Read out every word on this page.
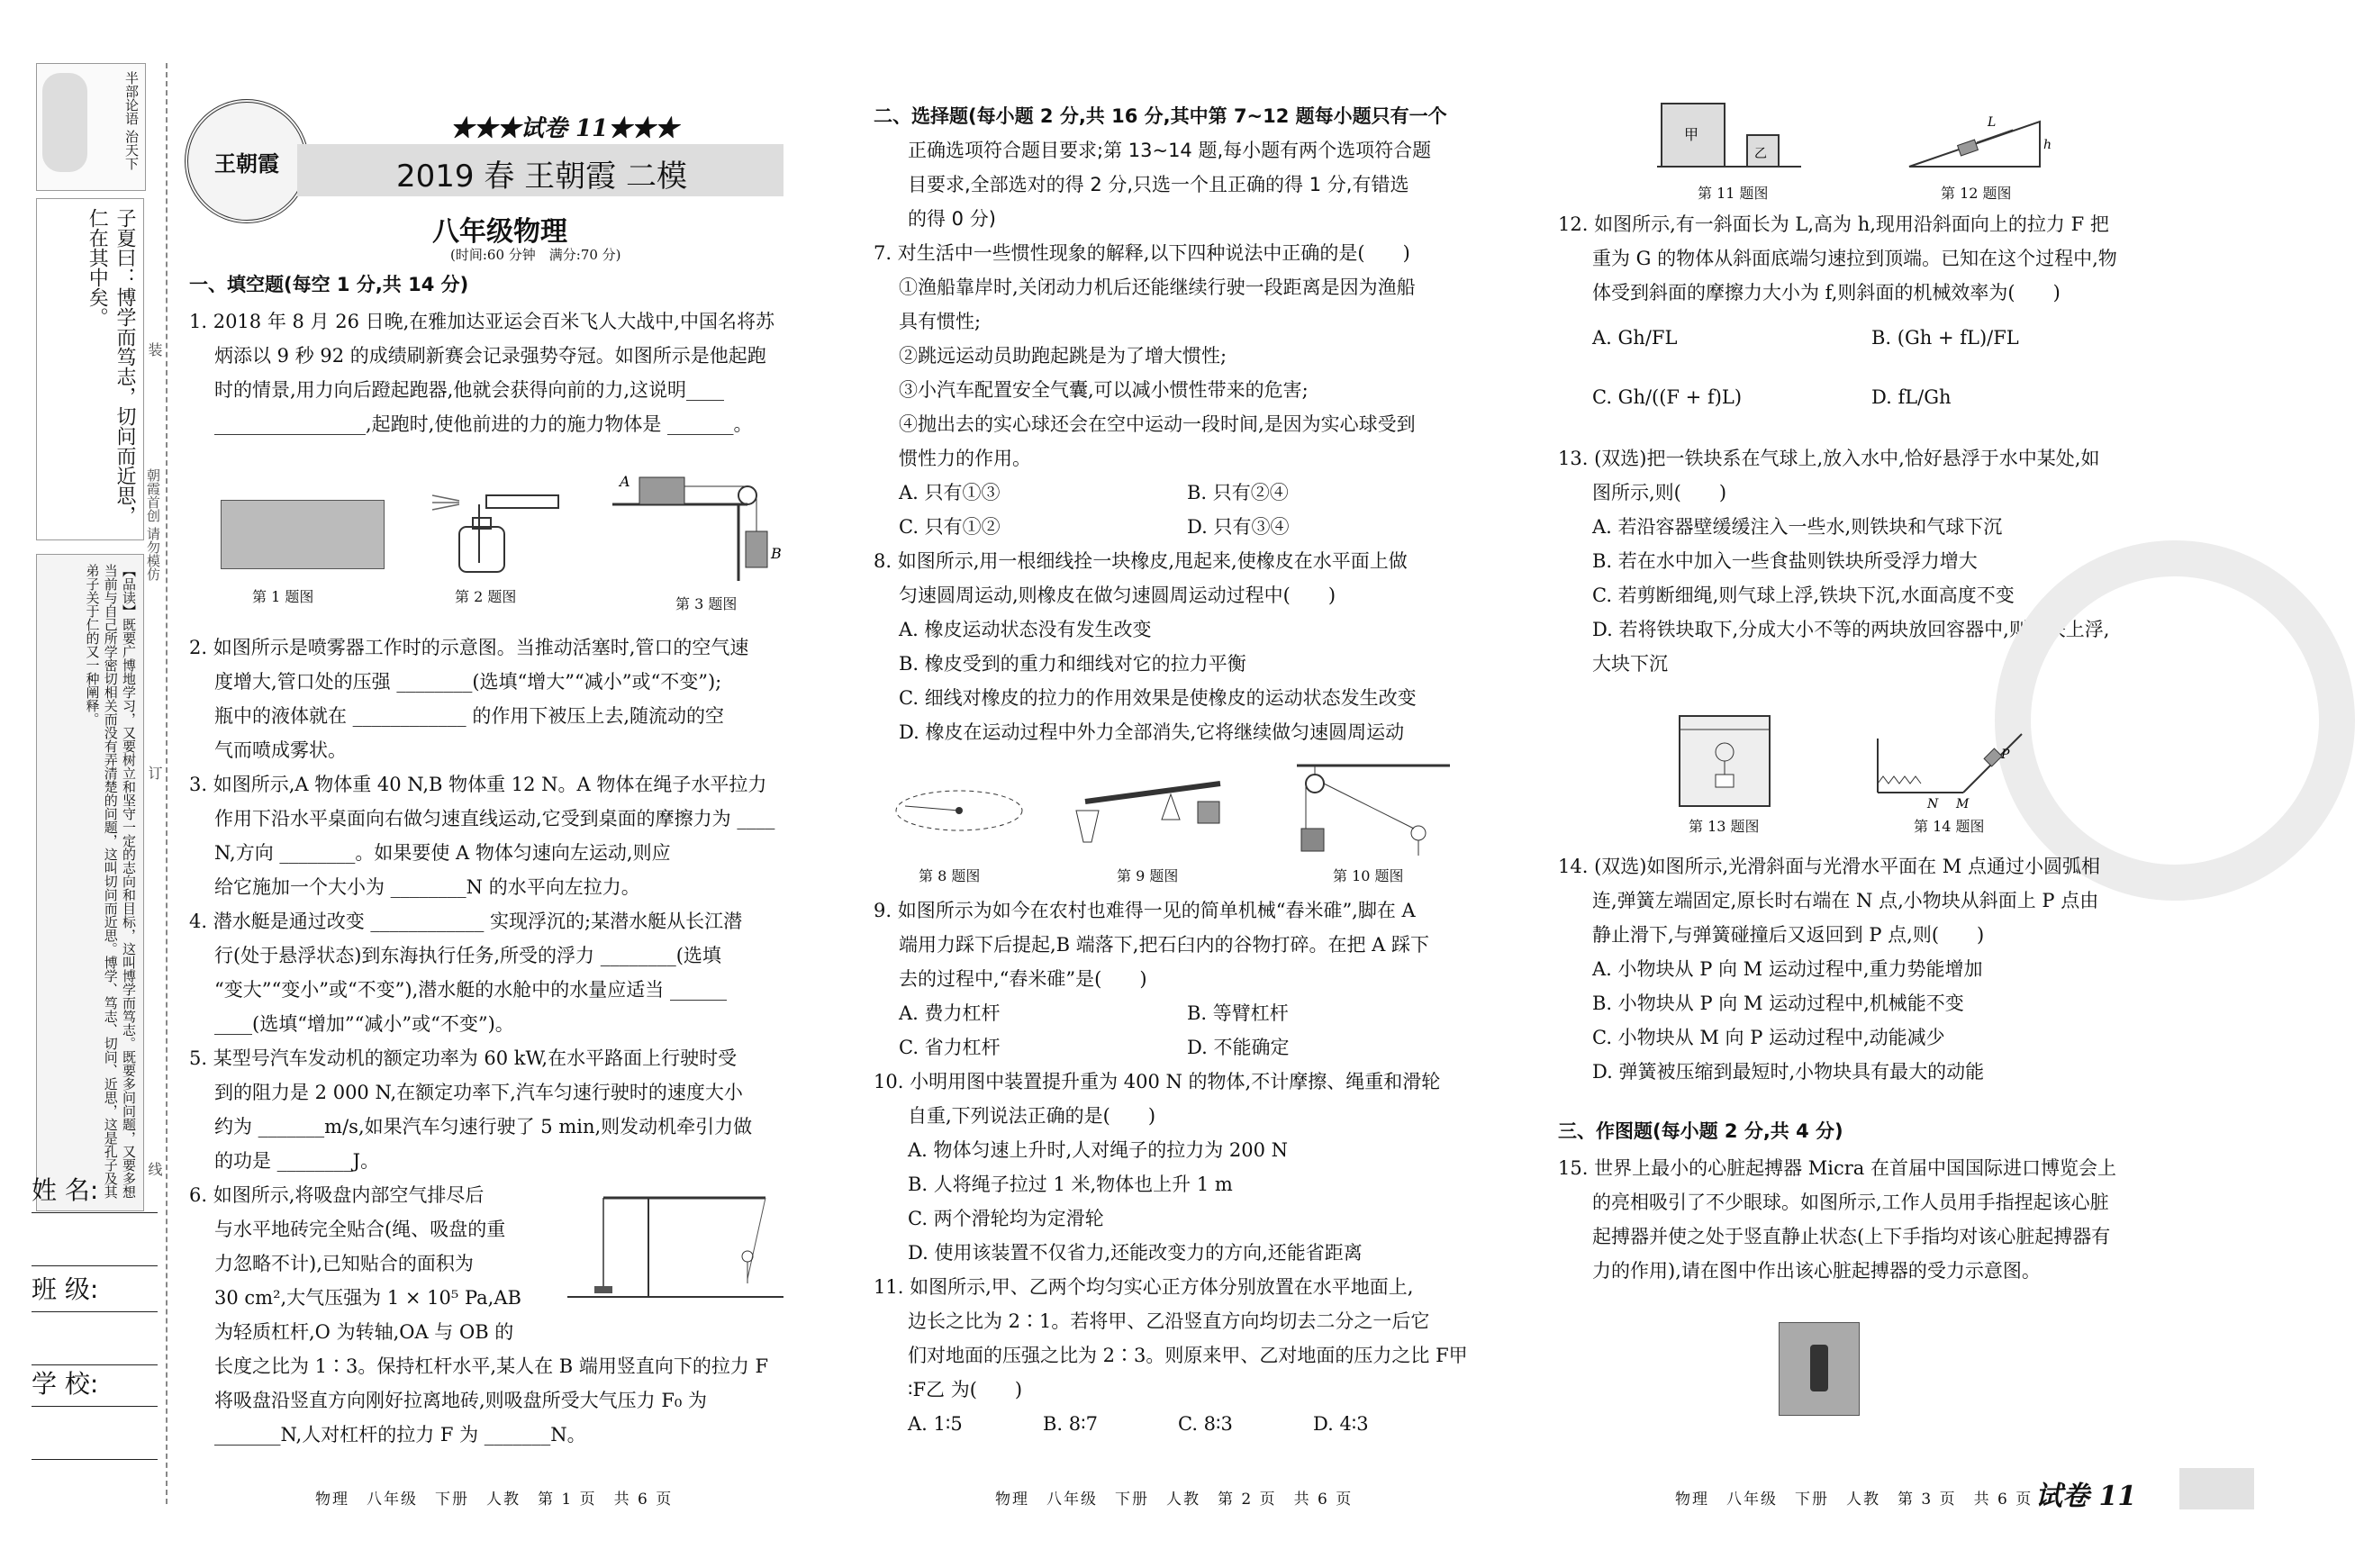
半部论语 治天下
子夏曰：博学而笃志，切问而近思，仁在其中矣。
【品读】既要广博地学习，又要树立和坚守一定的志向和目标，这叫博学而笃志。既要多问问题，又要多想当前与自己所学密切相关而没有弄清楚的问题，这叫切问而近思。博学、笃志、切问、近思，这是孔子及其弟子关于仁的又一种阐释。
装
订
线
朝霞首创 请勿模仿
姓 名:
班 级:
学 校:
王朝霞
★★★试卷 11★★★
2019 春 王朝霞 二模
八年级物理
(时间:60 分钟　满分:70 分)
一、填空题(每空 1 分,共 14 分)
1. 2018 年 8 月 26 日晚,在雅加达亚运会百米飞人大战中,中国名将苏
炳添以 9 秒 92 的成绩刷新赛会记录强势夺冠。如图所示是他起跑
时的情景,用力向后蹬起跑器,他就会获得向前的力,这说明____
________________,起跑时,使他前进的力的施力物体是 _______。
第 1 题图	第 2 题图
A
B
第 3 题图
2. 如图所示是喷雾器工作时的示意图。当推动活塞时,管口的空气速
度增大,管口处的压强 ________(选填“增大”“减小”或“不变”);
瓶中的液体就在 ____________ 的作用下被压上去,随流动的空
气而喷成雾状。
3. 如图所示,A 物体重 40 N,B 物体重 12 N。A 物体在绳子水平拉力
作用下沿水平桌面向右做匀速直线运动,它受到桌面的摩擦力为 ____
N,方向 ________。如果要使 A 物体匀速向左运动,则应
给它施加一个大小为 ________N 的水平向左拉力。
4. 潜水艇是通过改变 ____________ 实现浮沉的;某潜水艇从长江潜
行(处于悬浮状态)到东海执行任务,所受的浮力 ________(选填
“变大”“变小”或“不变”),潜水艇的水舱中的水量应适当 ______
____(选填“增加”“减小”或“不变”)。
5. 某型号汽车发动机的额定功率为 60 kW,在水平路面上行驶时受
到的阻力是 2 000 N,在额定功率下,汽车匀速行驶时的速度大小
约为 _______m/s,如果汽车匀速行驶了 5 min,则发动机牵引力做
的功是 ________J。
6. 如图所示,将吸盘内部空气排尽后
与水平地砖完全贴合(绳、吸盘的重
力忽略不计),已知贴合的面积为
30 cm²,大气压强为 1 × 10⁵ Pa,AB
为轻质杠杆,O 为转轴,OA 与 OB 的
长度之比为 1∶3。保持杠杆水平,某人在 B 端用竖直向下的拉力 F
将吸盘沿竖直方向刚好拉离地砖,则吸盘所受大气压力 F₀ 为
_______N,人对杠杆的拉力 F 为 _______N。
物理　八年级　下册　人教　第 1 页　共 6 页
二、选择题(每小题 2 分,共 16 分,其中第 7~12 题每小题只有一个
正确选项符合题目要求;第 13~14 题,每小题有两个选项符合题
目要求,全部选对的得 2 分,只选一个且正确的得 1 分,有错选
的得 0 分)
7. 对生活中一些惯性现象的解释,以下四种说法中正确的是(　　)
①渔船靠岸时,关闭动力机后还能继续行驶一段距离是因为渔船
具有惯性;
②跳远运动员助跑起跳是为了增大惯性;
③小汽车配置安全气囊,可以减小惯性带来的危害;
④抛出去的实心球还会在空中运动一段时间,是因为实心球受到
惯性力的作用。
A. 只有①③	B. 只有②④
C. 只有①②	D. 只有③④
8. 如图所示,用一根细线拴一块橡皮,甩起来,使橡皮在水平面上做
匀速圆周运动,则橡皮在做匀速圆周运动过程中(　　)
A. 橡皮运动状态没有发生改变
B. 橡皮受到的重力和细线对它的拉力平衡
C. 细线对橡皮的拉力的作用效果是使橡皮的运动状态发生改变
D. 橡皮在运动过程中外力全部消失,它将继续做匀速圆周运动
第 8 题图	第 9 题图	第 10 题图
9. 如图所示为如今在农村也难得一见的简单机械“舂米碓”,脚在 A
端用力踩下后提起,B 端落下,把石臼内的谷物打碎。在把 A 踩下
去的过程中,“舂米碓”是(　　)
A. 费力杠杆	B. 等臂杠杆
C. 省力杠杆	D. 不能确定
10. 小明用图中装置提升重为 400 N 的物体,不计摩擦、绳重和滑轮
自重,下列说法正确的是(　　)
A. 物体匀速上升时,人对绳子的拉力为 200 N
B. 人将绳子拉过 1 米,物体也上升 1 m
C. 两个滑轮均为定滑轮
D. 使用该装置不仅省力,还能改变力的方向,还能省距离
11. 如图所示,甲、乙两个均匀实心正方体分别放置在水平地面上,
边长之比为 2∶1。若将甲、乙沿竖直方向均切去二分之一后它
们对地面的压强之比为 2∶3。则原来甲、乙对地面的压力之比 F甲
∶F乙 为(　　)
A. 1∶5	B. 8∶7	C. 8∶3	D. 4∶3
物理　八年级　下册　人教　第 2 页　共 6 页
甲
乙
第 11 题图
L
h
第 12 题图
12. 如图所示,有一斜面长为 L,高为 h,现用沿斜面向上的拉力 F 把
重为 G 的物体从斜面底端匀速拉到顶端。已知在这个过程中,物
体受到斜面的摩擦力大小为 f,则斜面的机械效率为(　　)
A. Gh/FL	B. (Gh + fL)/FL
C. Gh/((F + f)L)	D. fL/Gh
13. (双选)把一铁块系在气球上,放入水中,恰好悬浮于水中某处,如
图所示,则(　　)
A. 若沿容器壁缓缓注入一些水,则铁块和气球下沉
B. 若在水中加入一些食盐则铁块所受浮力增大
C. 若剪断细绳,则气球上浮,铁块下沉,水面高度不变
D. 若将铁块取下,分成大小不等的两块放回容器中,则小块上浮,
大块下沉
第 13 题图
N M
P
第 14 题图
14. (双选)如图所示,光滑斜面与光滑水平面在 M 点通过小圆弧相
连,弹簧左端固定,原长时右端在 N 点,小物块从斜面上 P 点由
静止滑下,与弹簧碰撞后又返回到 P 点,则(　　)
A. 小物块从 P 向 M 运动过程中,重力势能增加
B. 小物块从 P 向 M 运动过程中,机械能不变
C. 小物块从 M 向 P 运动过程中,动能减少
D. 弹簧被压缩到最短时,小物块具有最大的动能
三、作图题(每小题 2 分,共 4 分)
15. 世界上最小的心脏起搏器 Micra 在首届中国国际进口博览会上
的亮相吸引了不少眼球。如图所示,工作人员用手指捏起该心脏
起搏器并使之处于竖直静止状态(上下手指均对该心脏起搏器有
力的作用),请在图中作出该心脏起搏器的受力示意图。
物理　八年级　下册　人教　第 3 页　共 6 页 试卷 11
